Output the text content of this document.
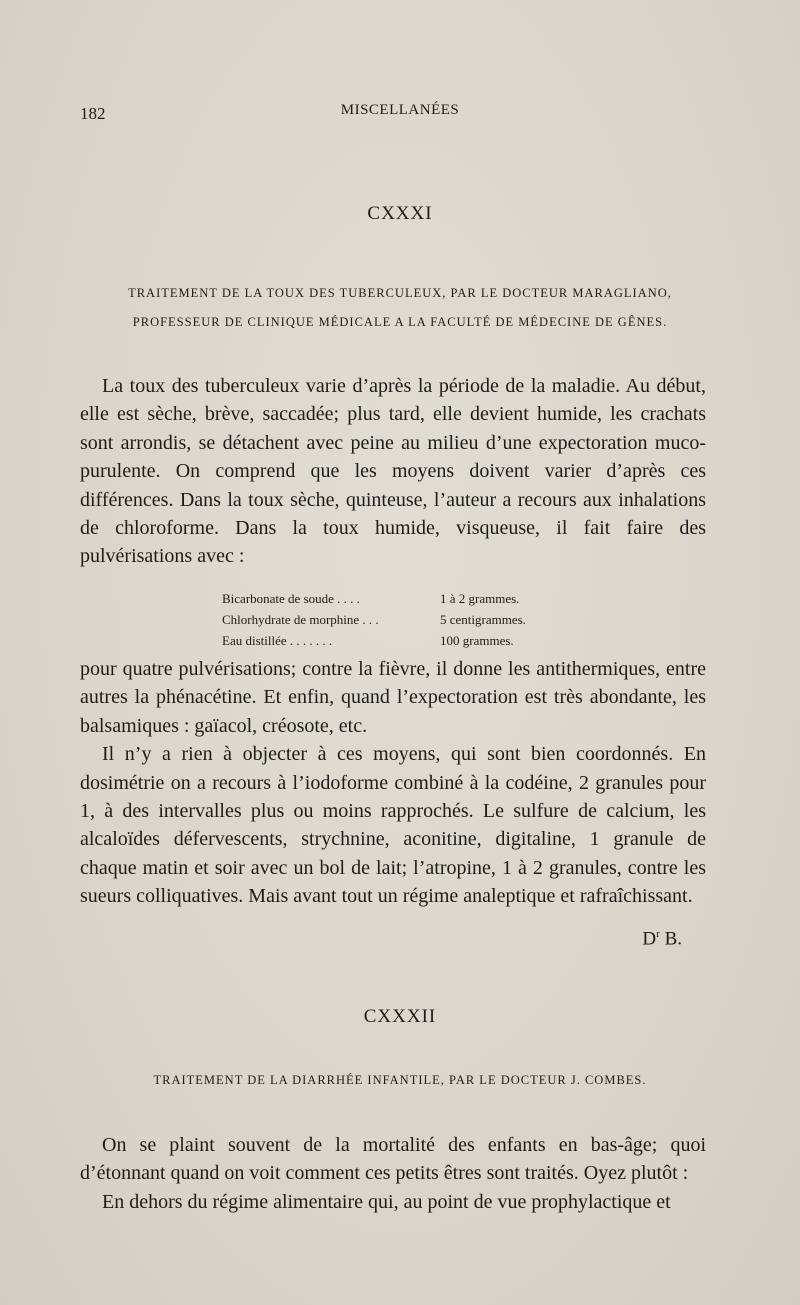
182	MISCELLANÉES
CXXXI
TRAITEMENT DE LA TOUX DES TUBERCULEUX, PAR LE DOCTEUR MARAGLIANO,
PROFESSEUR DE CLINIQUE MÉDICALE A LA FACULTÉ DE MÉDECINE DE GÊNES.

La toux des tuberculeux varie d’après la période de la maladie. Au début, elle est sèche, brève, saccadée; plus tard, elle devient humide, les crachats sont arrondis, se détachent avec peine au milieu d’une expectoration muco-purulente. On comprend que les moyens doivent varier d’après ces différences. Dans la toux sèche, quinteuse, l’auteur a recours aux inhalations de chloroforme. Dans la toux humide, visqueuse, il fait faire des pulvérisations avec :

Bicarbonate de soude . . . .	1 à 2 grammes.
Chlorhydrate de morphine . . .	5 centigrammes.
Eau distillée . . . . . . .	100 grammes.

pour quatre pulvérisations; contre la fièvre, il donne les antithermiques, entre autres la phénacétine. Et enfin, quand l’expectoration est très abondante, les balsamiques : gaïacol, créosote, etc.

Il n’y a rien à objecter à ces moyens, qui sont bien coordonnés. En dosimétrie on a recours à l’iodoforme combiné à la codéine, 2 granules pour 1, à des intervalles plus ou moins rapprochés. Le sulfure de calcium, les alcaloïdes défervescents, strychnine, aconitine, digitaline, 1 granule de chaque matin et soir avec un bol de lait; l’atropine, 1 à 2 granules, contre les sueurs colliquatives. Mais avant tout un régime analeptique et rafraîchissant.

$D^r$ B.
CXXXII
TRAITEMENT DE LA DIARRHÉE INFANTILE, PAR LE DOCTEUR J. COMBES.

On se plaint souvent de la mortalité des enfants en bas-âge; quoi d’étonnant quand on voit comment ces petits êtres sont traités. Oyez plutôt :

En dehors du régime alimentaire qui, au point de vue prophylactique et
